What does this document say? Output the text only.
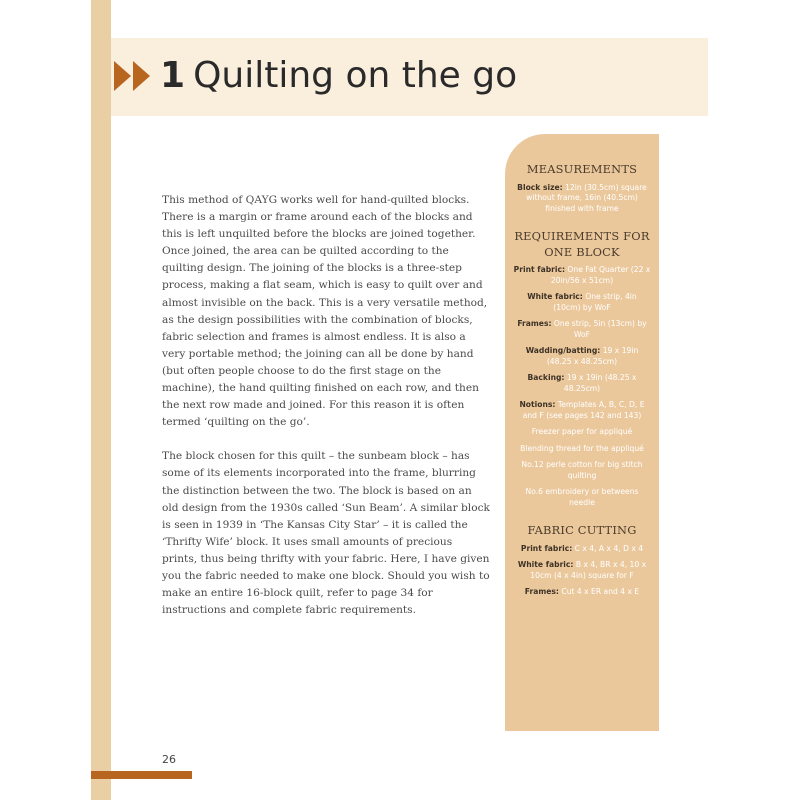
1 Quilting on the go

This method of QAYG works well for hand-quilted blocks. There is a margin or frame around each of the blocks and this is left unquilted before the blocks are joined together. Once joined, the area can be quilted according to the quilting design. The joining of the blocks is a three-step process, making a flat seam, which is easy to quilt over and almost invisible on the back. This is a very versatile method, as the design possibilities with the combination of blocks, fabric selection and frames is almost endless. It is also a very portable method; the joining can all be done by hand (but often people choose to do the first stage on the machine), the hand quilting finished on each row, and then the next row made and joined. For this reason it is often termed ‘quilting on the go’.

The block chosen for this quilt – the sunbeam block – has some of its elements incorporated into the frame, blurring the distinction between the two. The block is based on an old design from the 1930s called ‘Sun Beam’. A similar block is seen in 1939 in ‘The Kansas City Star’ – it is called the ‘Thrifty Wife’ block. It uses small amounts of precious prints, thus being thrifty with your fabric. Here, I have given you the fabric needed to make one block. Should you wish to make an entire 16-block quilt, refer to page 34 for instructions and complete fabric requirements.

MEASUREMENTS
Block size: 12in (30.5cm) square without frame, 16in (40.5cm) finished with frame
REQUIREMENTS FOR ONE BLOCK
Print fabric: One Fat Quarter (22 x 20in/56 x 51cm)
White fabric: One strip, 4in (10cm) by WoF
Frames: One strip, 5in (13cm) by WoF
Wadding/batting: 19 x 19in (48.25 x 48.25cm)
Backing: 19 x 19in (48.25 x 48.25cm)
Notions: Templates A, B, C, D, E and F (see pages 142 and 143)
Freezer paper for appliqué
Blending thread for the appliqué
No.12 perle cotton for big stitch quilting
No.6 embroidery or betweens needle
FABRIC CUTTING
Print fabric: C x 4, A x 4, D x 4
White fabric: B x 4, BR x 4, 10 x 10cm (4 x 4in) square for F
Frames: Cut 4 x ER and 4 x E
26
